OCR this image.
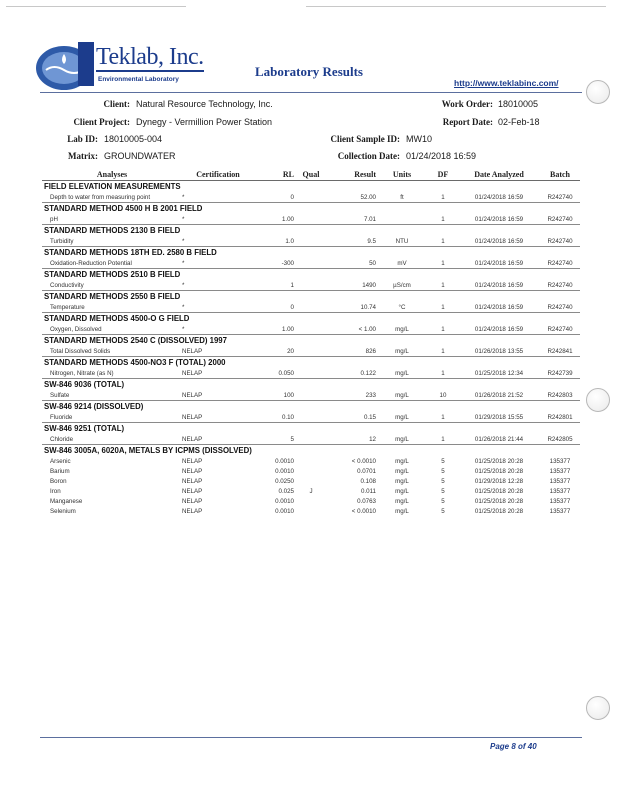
Teklab, Inc.
Environmental Laboratory
Laboratory Results
http://www.teklabinc.com/
Client: Natural Resource Technology, Inc.	Work Order: 18010005
Client Project: Dynegy - Vermillion Power Station	Report Date: 02-Feb-18
Lab ID: 18010005-004	Client Sample ID: MW10
Matrix: GROUNDWATER	Collection Date: 01/24/2018 16:59
Analyses	Certification	RL	Qual	Result	Units	DF	Date Analyzed	Batch
FIELD ELEVATION MEASUREMENTS								
Depth to water from measuring point	*	0		52.00	ft	1	01/24/2018 16:59	R242740
STANDARD METHOD 4500 H B 2001 FIELD								
pH	*	1.00		7.01		1	01/24/2018 16:59	R242740
STANDARD METHODS 2130 B FIELD								
Turbidity	*	1.0		9.5	NTU	1	01/24/2018 16:59	R242740
STANDARD METHODS 18TH ED. 2580 B FIELD								
Oxidation-Reduction Potential	*	-300		50	mV	1	01/24/2018 16:59	R242740
STANDARD METHODS 2510 B FIELD								
Conductivity	*	1		1490	µS/cm	1	01/24/2018 16:59	R242740
STANDARD METHODS 2550 B FIELD								
Temperature	*	0		10.74	°C	1	01/24/2018 16:59	R242740
STANDARD METHODS 4500-O G FIELD								
Oxygen, Dissolved	*	1.00		< 1.00	mg/L	1	01/24/2018 16:59	R242740
STANDARD METHODS 2540 C (DISSOLVED) 1997								
Total Dissolved Solids	NELAP	20		826	mg/L	1	01/26/2018 13:55	R242841
STANDARD METHODS 4500-NO3 F (TOTAL) 2000								
Nitrogen, Nitrate (as N)	NELAP	0.050		0.122	mg/L	1	01/25/2018 12:34	R242739
SW-846 9036 (TOTAL)								
Sulfate	NELAP	100		233	mg/L	10	01/26/2018 21:52	R242803
SW-846 9214 (DISSOLVED)								
Fluoride	NELAP	0.10		0.15	mg/L	1	01/29/2018 15:55	R242801
SW-846 9251 (TOTAL)								
Chloride	NELAP	5		12	mg/L	1	01/26/2018 21:44	R242805
SW-846 3005A, 6020A, METALS BY ICPMS (DISSOLVED)								
Arsenic	NELAP	0.0010		< 0.0010	mg/L	5	01/25/2018 20:28	135377
Barium	NELAP	0.0010		0.0701	mg/L	5	01/25/2018 20:28	135377
Boron	NELAP	0.0250		0.108	mg/L	5	01/29/2018 12:28	135377
Iron	NELAP	0.025	J	0.011	mg/L	5	01/25/2018 20:28	135377
Manganese	NELAP	0.0010		0.0763	mg/L	5	01/25/2018 20:28	135377
Selenium	NELAP	0.0010		< 0.0010	mg/L	5	01/25/2018 20:28	135377
Page 8 of 40
